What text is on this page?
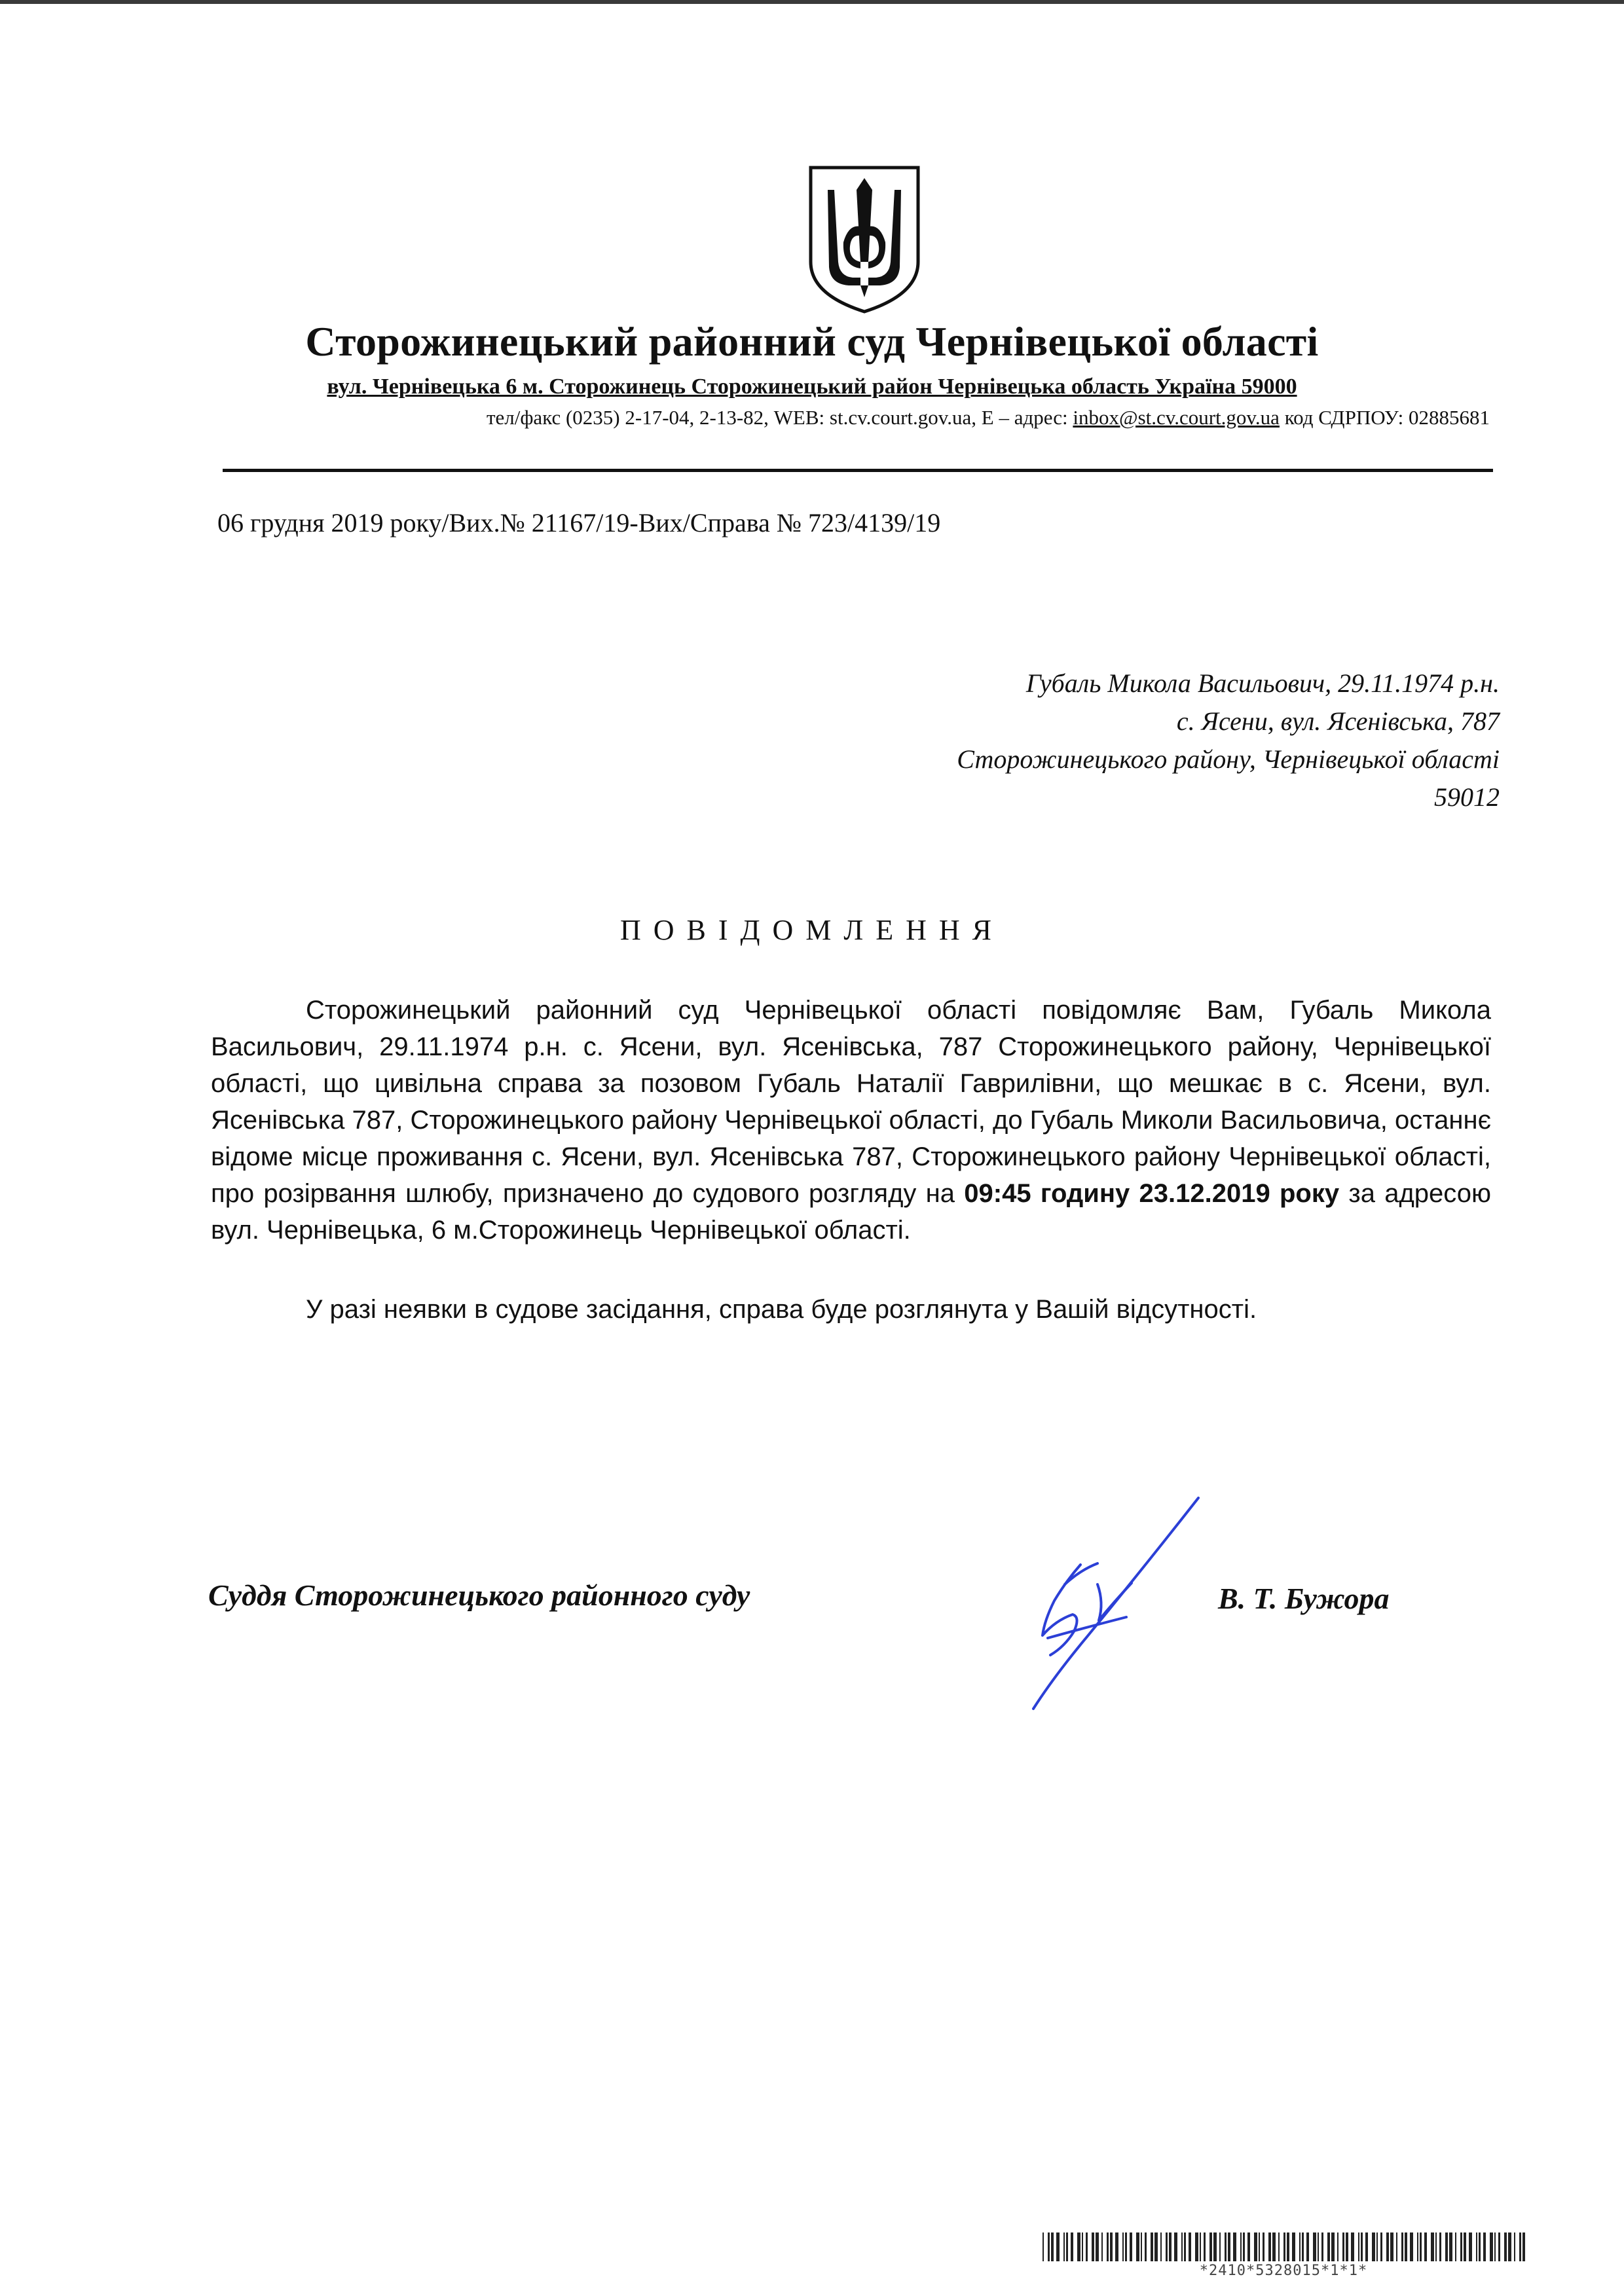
Сторожинецький районний суд Чернівецької області
вул. Чернівецька 6 м. Сторожинець Сторожинецький район Чернівецька область Україна 59000
тел/факс (0235) 2-17-04, 2-13-82, WEB: st.cv.court.gov.ua, E – адрес: inbox@st.cv.court.gov.ua код СДРПОУ: 02885681
06 грудня 2019 року/Вих.№ 21167/19-Вих/Справа № 723/4139/19
Губаль Микола Васильович, 29.11.1974 р.н.
с. Ясени, вул. Ясенівська, 787
Сторожинецького району, Чернівецької області
59012
ПОВІДОМЛЕННЯ

Сторожинецький районний суд Чернівецької області повідомляє Вам, Губаль Микола Васильович, 29.11.1974 р.н. с. Ясени, вул. Ясенівська, 787 Сторожинецького району, Чернівецької області, що цивільна справа за позовом Губаль Наталії Гаврилівни, що мешкає в с. Ясени, вул. Ясенівська 787, Сторожинецького району Чернівецької області, до Губаль Миколи Васильовича, останнє відоме місце проживання с. Ясени, вул. Ясенівська 787, Сторожинецького району Чернівецької області, про розірвання шлюбу, призначено до судового розгляду на 09:45 годину 23.12.2019 року за адресою вул. Чернівецька, 6 м.Сторожинець Чернівецької області.

У разі неявки в судове засідання, справа буде розглянута у Вашій відсутності.

Суддя Сторожинецького районного суду	В. Т. Бужора
*2410*5328015*1*1*
